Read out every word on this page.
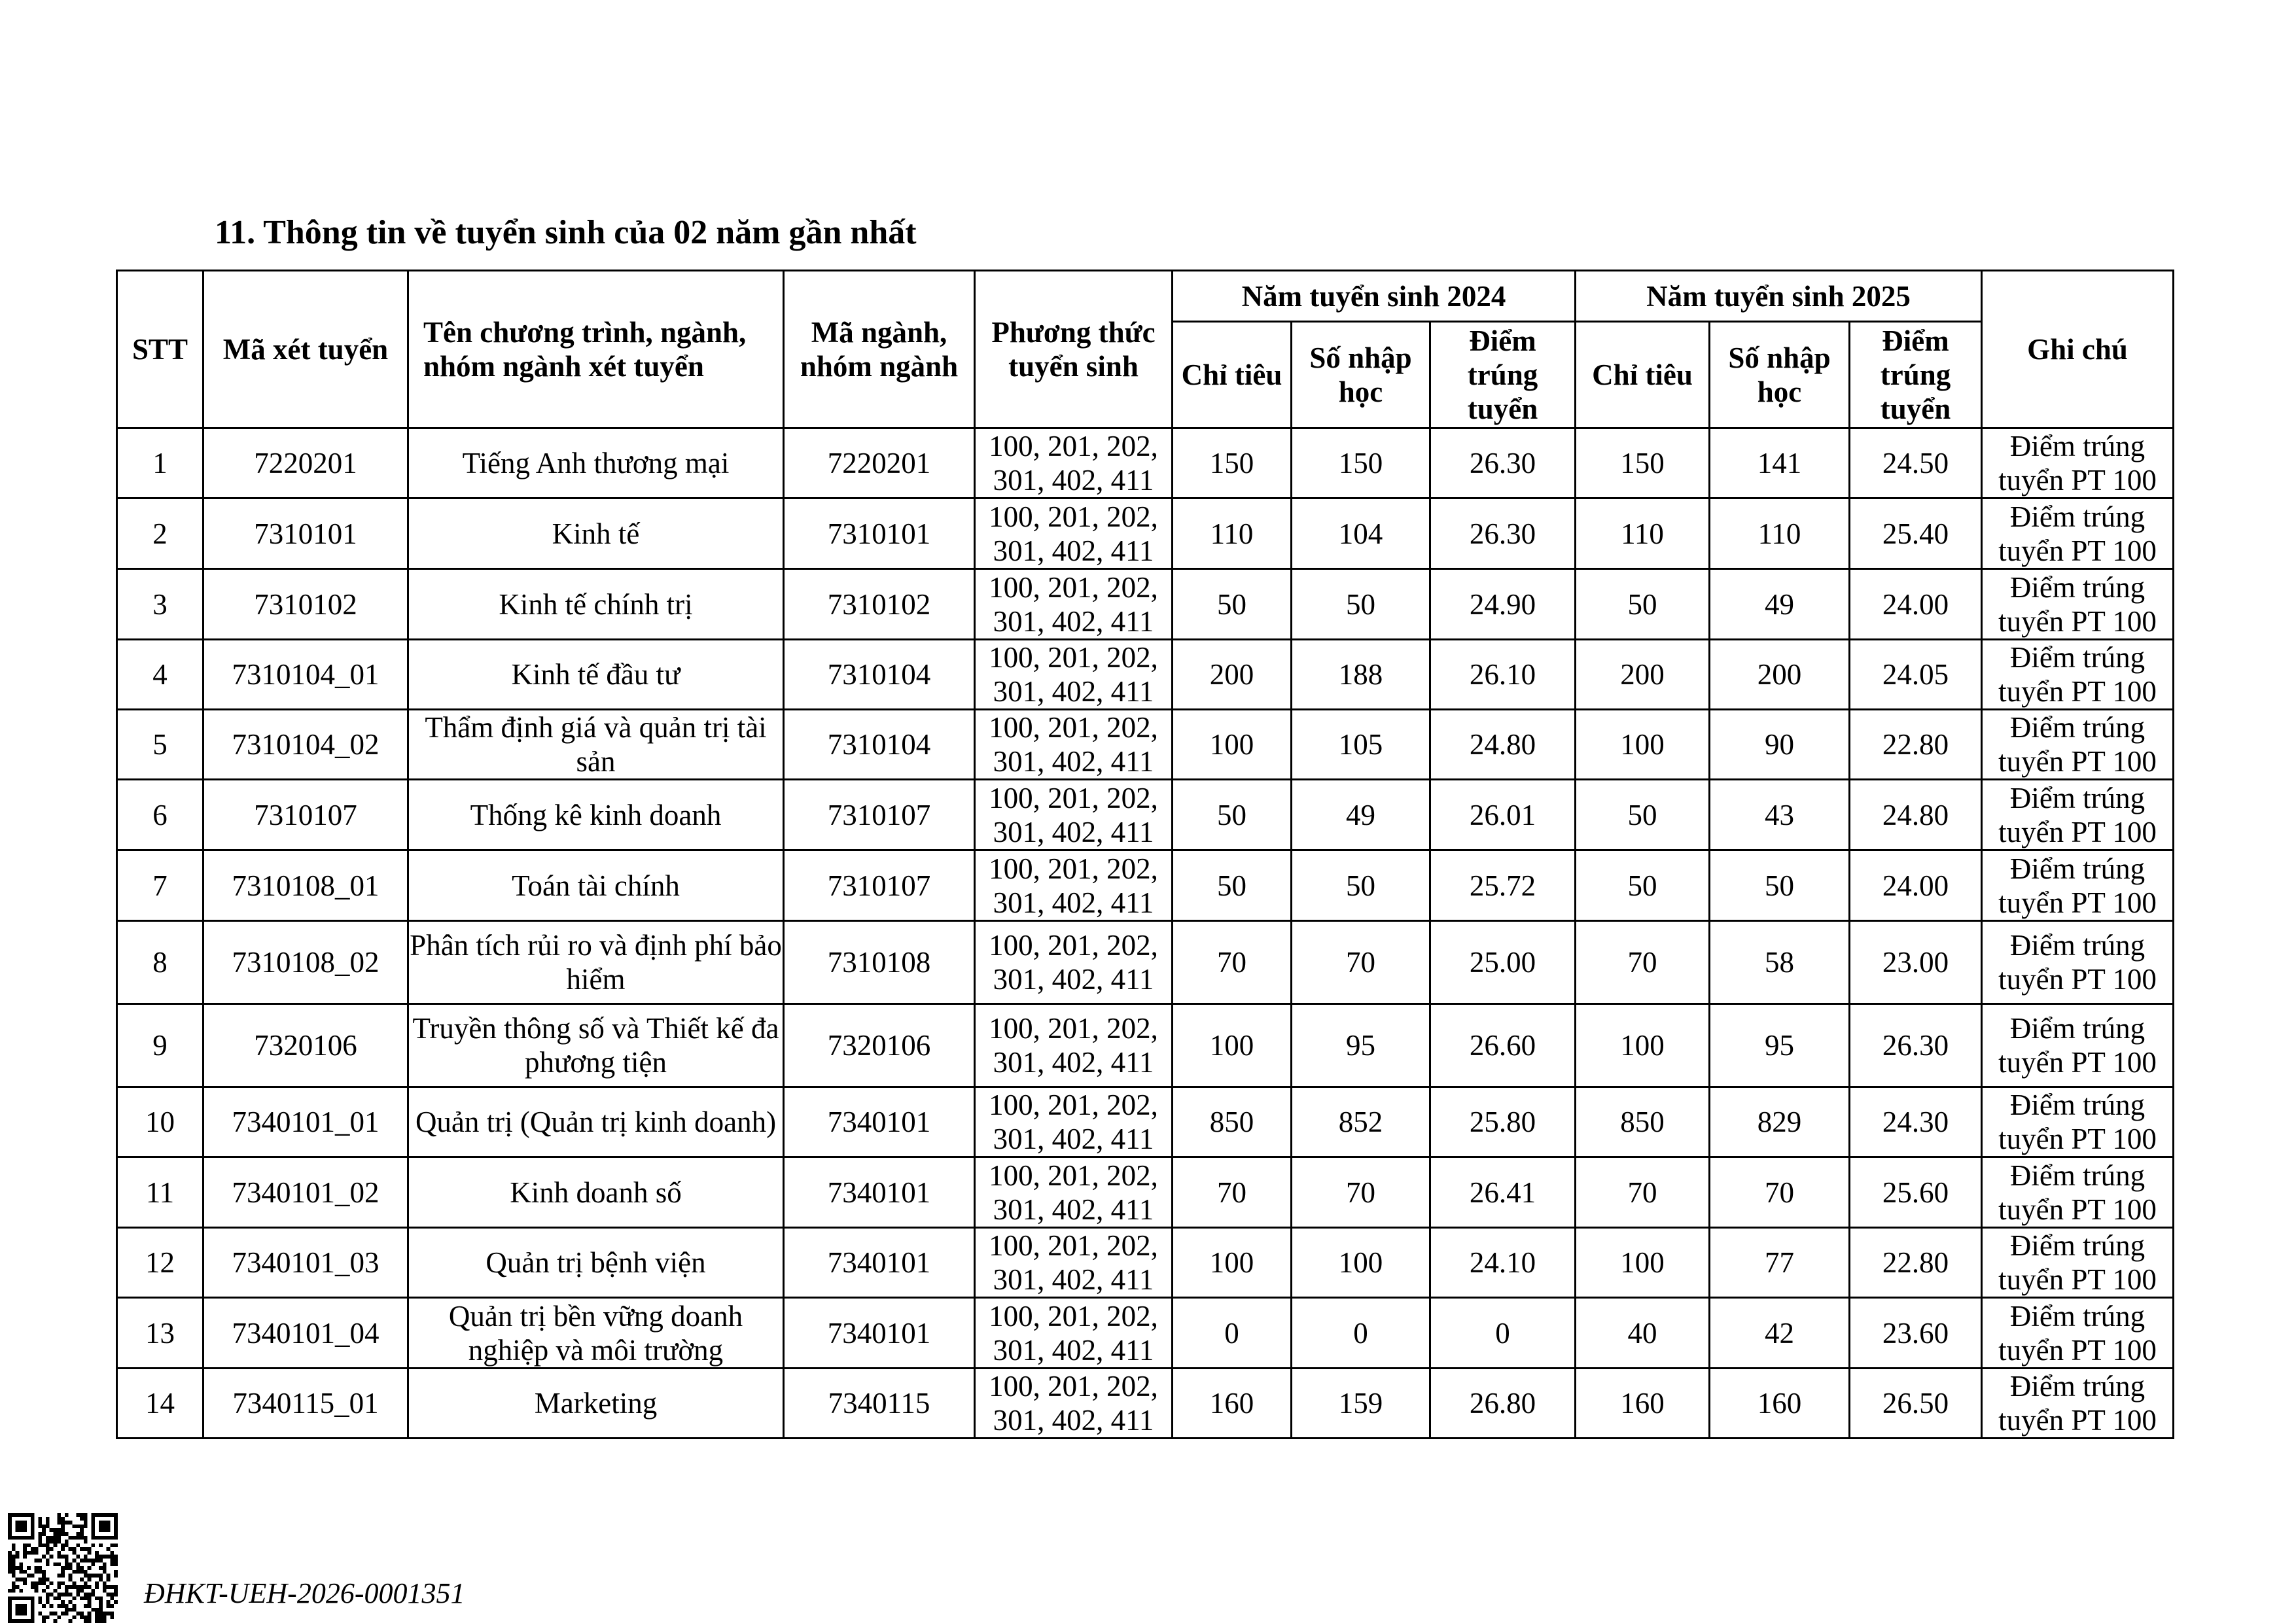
11. Thông tin về tuyển sinh của 02 năm gần nhất
STT	Mã xét tuyển	Tên chương trình, ngành, nhóm ngành xét tuyển	Mã ngành, nhóm ngành	Phương thức tuyển sinh	Năm tuyển sinh 2024			Năm tuyển sinh 2025			Ghi chú
					Chỉ tiêu	Số nhập học	Điểm trúng tuyển	Chỉ tiêu	Số nhập học	Điểm trúng tuyển	
1	7220201	Tiếng Anh thương mại	7220201	100, 201, 202, 301, 402, 411	150	150	26.30	150	141	24.50	Điểm trúng tuyển PT 100
2	7310101	Kinh tế	7310101	100, 201, 202, 301, 402, 411	110	104	26.30	110	110	25.40	Điểm trúng tuyển PT 100
3	7310102	Kinh tế chính trị	7310102	100, 201, 202, 301, 402, 411	50	50	24.90	50	49	24.00	Điểm trúng tuyển PT 100
4	7310104_01	Kinh tế đầu tư	7310104	100, 201, 202, 301, 402, 411	200	188	26.10	200	200	24.05	Điểm trúng tuyển PT 100
5	7310104_02	Thẩm định giá và quản trị tài sản	7310104	100, 201, 202, 301, 402, 411	100	105	24.80	100	90	22.80	Điểm trúng tuyển PT 100
6	7310107	Thống kê kinh doanh	7310107	100, 201, 202, 301, 402, 411	50	49	26.01	50	43	24.80	Điểm trúng tuyển PT 100
7	7310108_01	Toán tài chính	7310107	100, 201, 202, 301, 402, 411	50	50	25.72	50	50	24.00	Điểm trúng tuyển PT 100
8	7310108_02	Phân tích rủi ro và định phí bảo hiểm	7310108	100, 201, 202, 301, 402, 411	70	70	25.00	70	58	23.00	Điểm trúng tuyển PT 100
9	7320106	Truyền thông số và Thiết kế đa phương tiện	7320106	100, 201, 202, 301, 402, 411	100	95	26.60	100	95	26.30	Điểm trúng tuyển PT 100
10	7340101_01	Quản trị (Quản trị kinh doanh)	7340101	100, 201, 202, 301, 402, 411	850	852	25.80	850	829	24.30	Điểm trúng tuyển PT 100
11	7340101_02	Kinh doanh số	7340101	100, 201, 202, 301, 402, 411	70	70	26.41	70	70	25.60	Điểm trúng tuyển PT 100
12	7340101_03	Quản trị bệnh viện	7340101	100, 201, 202, 301, 402, 411	100	100	24.10	100	77	22.80	Điểm trúng tuyển PT 100
13	7340101_04	Quản trị bền vững doanh nghiệp và môi trường	7340101	100, 201, 202, 301, 402, 411	0	0	0	40	42	23.60	Điểm trúng tuyển PT 100
14	7340115_01	Marketing	7340115	100, 201, 202, 301, 402, 411	160	159	26.80	160	160	26.50	Điểm trúng tuyển PT 100
ĐHKT-UEH-2026-0001351
